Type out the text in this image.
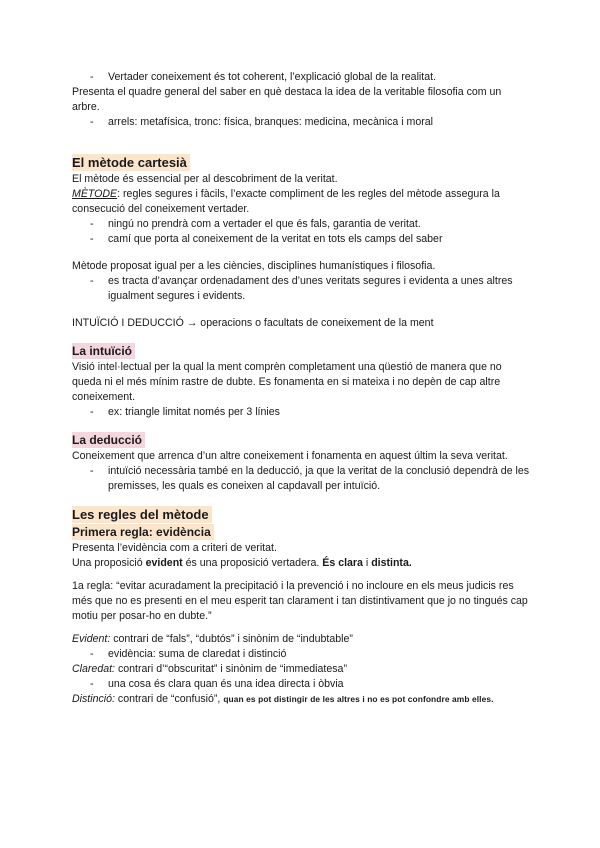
- Vertader coneixement és tot coherent, l’explicació global de la realitat.

Presenta el quadre general del saber en què destaca la idea de la veritable filosofia com un arbre.

- arrels: metafísica, tronc: física, branques: medicina, mecànica i moral

El mètode cartesià

El mètode és essencial per al descobriment de la veritat.

MÈTODE: regles segures i fàcils, l’exacte compliment de les regles del mètode assegura la consecució del coneixement vertader.

- ningú no prendrà com a vertader el que és fals, garantia de veritat.

- camí que porta al coneixement de la veritat en tots els camps del saber

Mètode proposat igual per a les ciències, disciplines humanístiques i filosofia.

- es tracta d’avançar ordenadament des d’unes veritats segures i evidenta a unes altres igualment segures i evidents.

INTUÏCIÓ I DEDUCCIÓ → operacions o facultats de coneixement de la ment

La intuïció

Visió intel·lectual per la qual la ment comprèn completament una qüestió de manera que no queda ni el més mínim rastre de dubte. Es fonamenta en si mateixa i no depèn de cap altre coneixement.

- ex: triangle limitat només per 3 línies

La deducció

Coneixement que arrenca d’un altre coneixement i fonamenta en aquest últim la seva veritat.

- intuïció necessària també en la deducció, ja que la veritat de la conclusió dependrà de les premisses, les quals es coneixen al capdavall per intuïció.

Les regles del mètode
Primera regla: evidència

Presenta l’evidència com a criteri de veritat.

Una proposició evident és una proposició vertadera. És clara i distinta.

1a regla: “evitar acuradament la precipitació i la prevenció i no incloure en els meus judicis res més que no es presenti en el meu esperit tan clarament i tan distintivament que jo no tingués cap motiu per posar-ho en dubte.”

Evident: contrari de “fals”, “dubtós” i sinònim de “indubtable”

- evidència: suma de claredat i distinció

Claredat: contrari d’“obscuritat” i sinònim de “immediatesa”

- una cosa és clara quan és una idea directa i òbvia

Distinció: contrari de “confusió”, quan es pot distingir de les altres i no es pot confondre amb elles.
